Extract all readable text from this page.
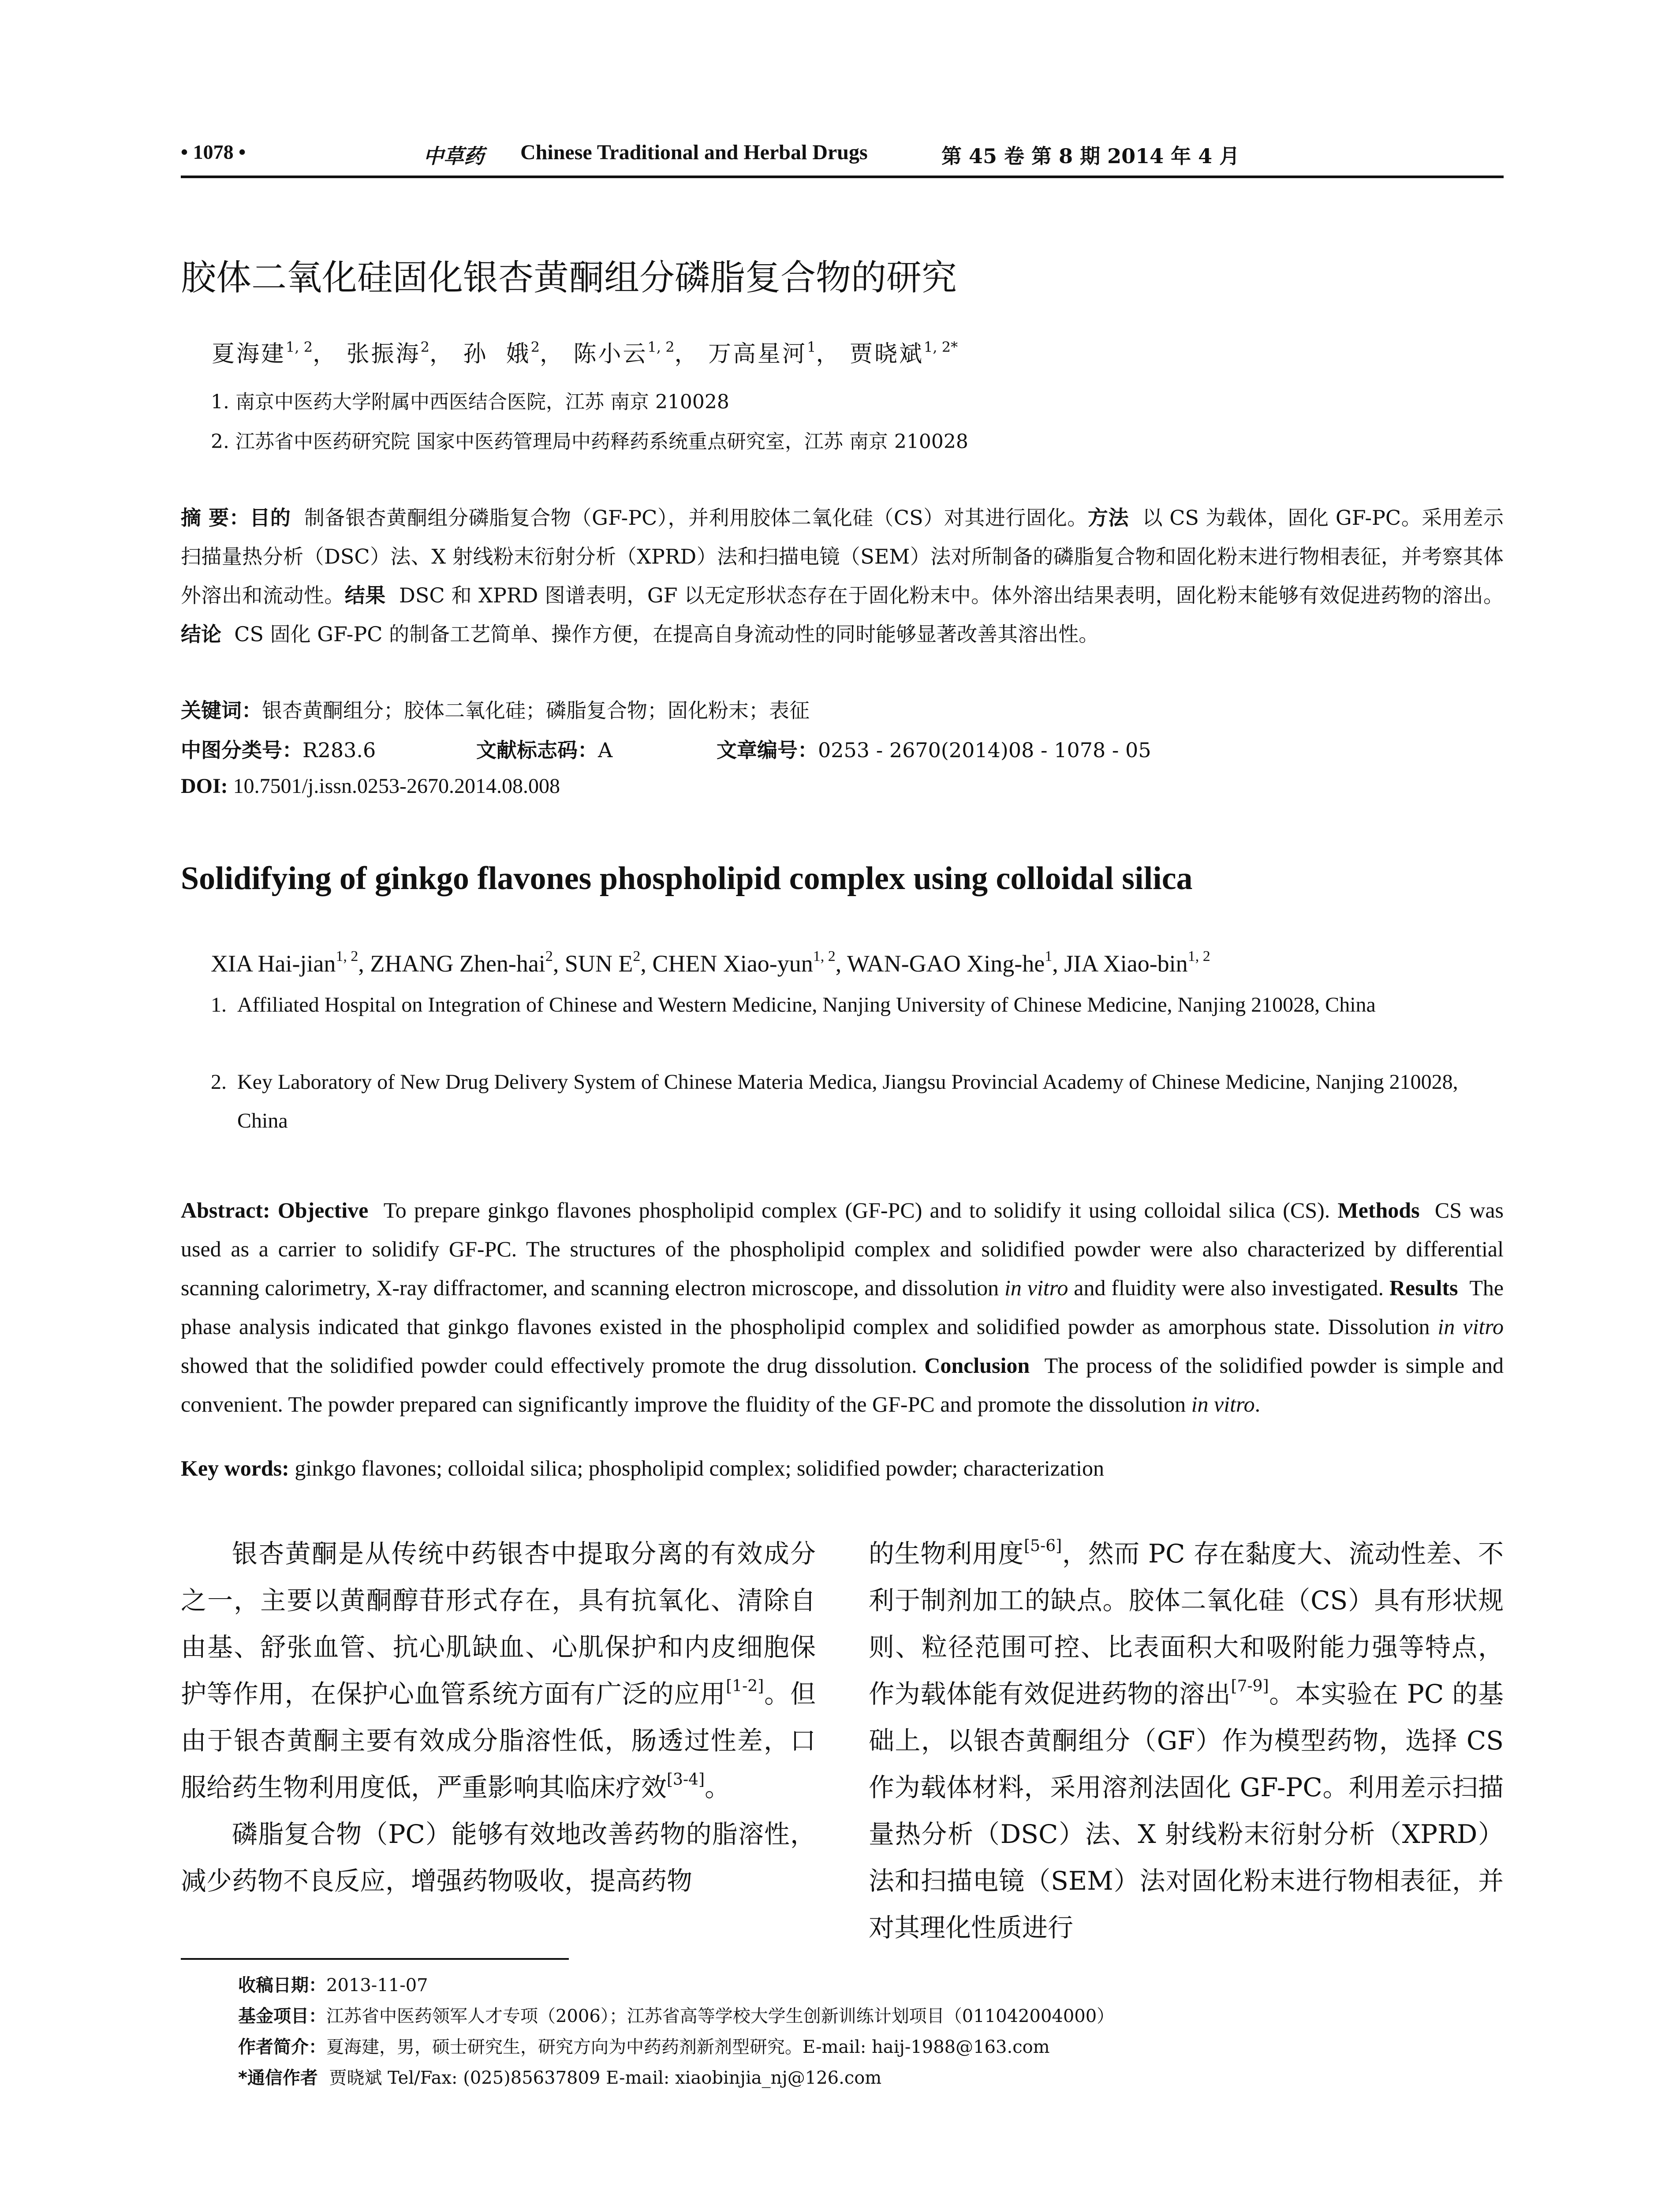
• 1078 •	中草药 Chinese Traditional and Herbal Drugs	第 45 卷 第 8 期 2014 年 4 月
胶体二氧化硅固化银杏黄酮组分磷脂复合物的研究
夏海建$^{1, 2}$， 张振海$^2$， 孙  娥$^2$， 陈小云$^{1, 2}$， 万高星河$^1$， 贾晓斌$^{1, 2*}$
1. 南京中医药大学附属中西医结合医院，江苏 南京 210028
2. 江苏省中医药研究院 国家中医药管理局中药释药系统重点研究室，江苏 南京 210028
摘 要：目的 制备银杏黄酮组分磷脂复合物（GF-PC），并利用胶体二氧化硅（CS）对其进行固化。方法 以 CS 为载体，固化 GF-PC。采用差示扫描量热分析（DSC）法、X 射线粉末衍射分析（XPRD）法和扫描电镜（SEM）法对所制备的磷脂复合物和固化粉末进行物相表征，并考察其体外溶出和流动性。结果 DSC 和 XPRD 图谱表明，GF 以无定形状态存在于固化粉末中。体外溶出结果表明，固化粉末能够有效促进药物的溶出。结论 CS 固化 GF-PC 的制备工艺简单、操作方便，在提高自身流动性的同时能够显著改善其溶出性。
关键词：银杏黄酮组分；胶体二氧化硅；磷脂复合物；固化粉末；表征
中图分类号：R283.6	文献标志码：A	文章编号：0253 - 2670(2014)08 - 1078 - 05
DOI: 10.7501/j.issn.0253-2670.2014.08.008
Solidifying of ginkgo flavones phospholipid complex using colloidal silica
XIA Hai-jian$^{1, 2}$, ZHANG Zhen-hai$^2$, SUN $E^2$, CHEN Xiao-yun$^{1, 2}$, WAN-GAO Xing-$he^1$, JIA Xiao-bin$^{1, 2}$
1. Affiliated Hospital on Integration of Chinese and Western Medicine, Nanjing University of Chinese Medicine, Nanjing 210028, China
2. Key Laboratory of New Drug Delivery System of Chinese Materia Medica, Jiangsu Provincial Academy of Chinese Medicine, Nanjing 210028, China
Abstract: Objective To prepare ginkgo flavones phospholipid complex (GF-PC) and to solidify it using colloidal silica (CS). Methods CS was used as a carrier to solidify GF-PC. The structures of the phospholipid complex and solidified powder were also characterized by differential scanning calorimetry, X-ray diffractomer, and scanning electron microscope, and dissolution in vitro and fluidity were also investigated. Results The phase analysis indicated that ginkgo flavones existed in the phospholipid complex and solidified powder as amorphous state. Dissolution in vitro showed that the solidified powder could effectively promote the drug dissolution. Conclusion The process of the solidified powder is simple and convenient. The powder prepared can significantly improve the fluidity of the GF-PC and promote the dissolution in vitro.
Key words: ginkgo flavones; colloidal silica; phospholipid complex; solidified powder; characterization

银杏黄酮是从传统中药银杏中提取分离的有效成分之一，主要以黄酮醇苷形式存在，具有抗氧化、清除自由基、舒张血管、抗心肌缺血、心肌保护和内皮细胞保护等作用，在保护心血管系统方面有广泛的应用[1-2]。但由于银杏黄酮主要有效成分脂溶性低，肠透过性差，口服给药生物利用度低，严重影响其临床疗效[3-4]。

磷脂复合物（PC）能够有效地改善药物的脂溶性，减少药物不良反应，增强药物吸收，提高药物

的生物利用度[5-6]，然而 PC 存在黏度大、流动性差、不利于制剂加工的缺点。胶体二氧化硅（CS）具有形状规则、粒径范围可控、比表面积大和吸附能力强等特点，作为载体能有效促进药物的溶出[7-9]。本实验在 PC 的基础上，以银杏黄酮组分（GF）作为模型药物，选择 CS 作为载体材料，采用溶剂法固化 GF-PC。利用差示扫描量热分析（DSC）法、X 射线粉末衍射分析（XPRD）法和扫描电镜（SEM）法对固化粉末进行物相表征，并对其理化性质进行

收稿日期：2013-11-07
基金项目：江苏省中医药领军人才专项（2006）；江苏省高等学校大学生创新训练计划项目（011042004000）
作者简介：夏海建，男，硕士研究生，研究方向为中药药剂新剂型研究。E-mail: haij-1988@163.com
*通信作者 贾晓斌 Tel/Fax: (025)85637809 E-mail: xiaobinjia_nj@126.com
